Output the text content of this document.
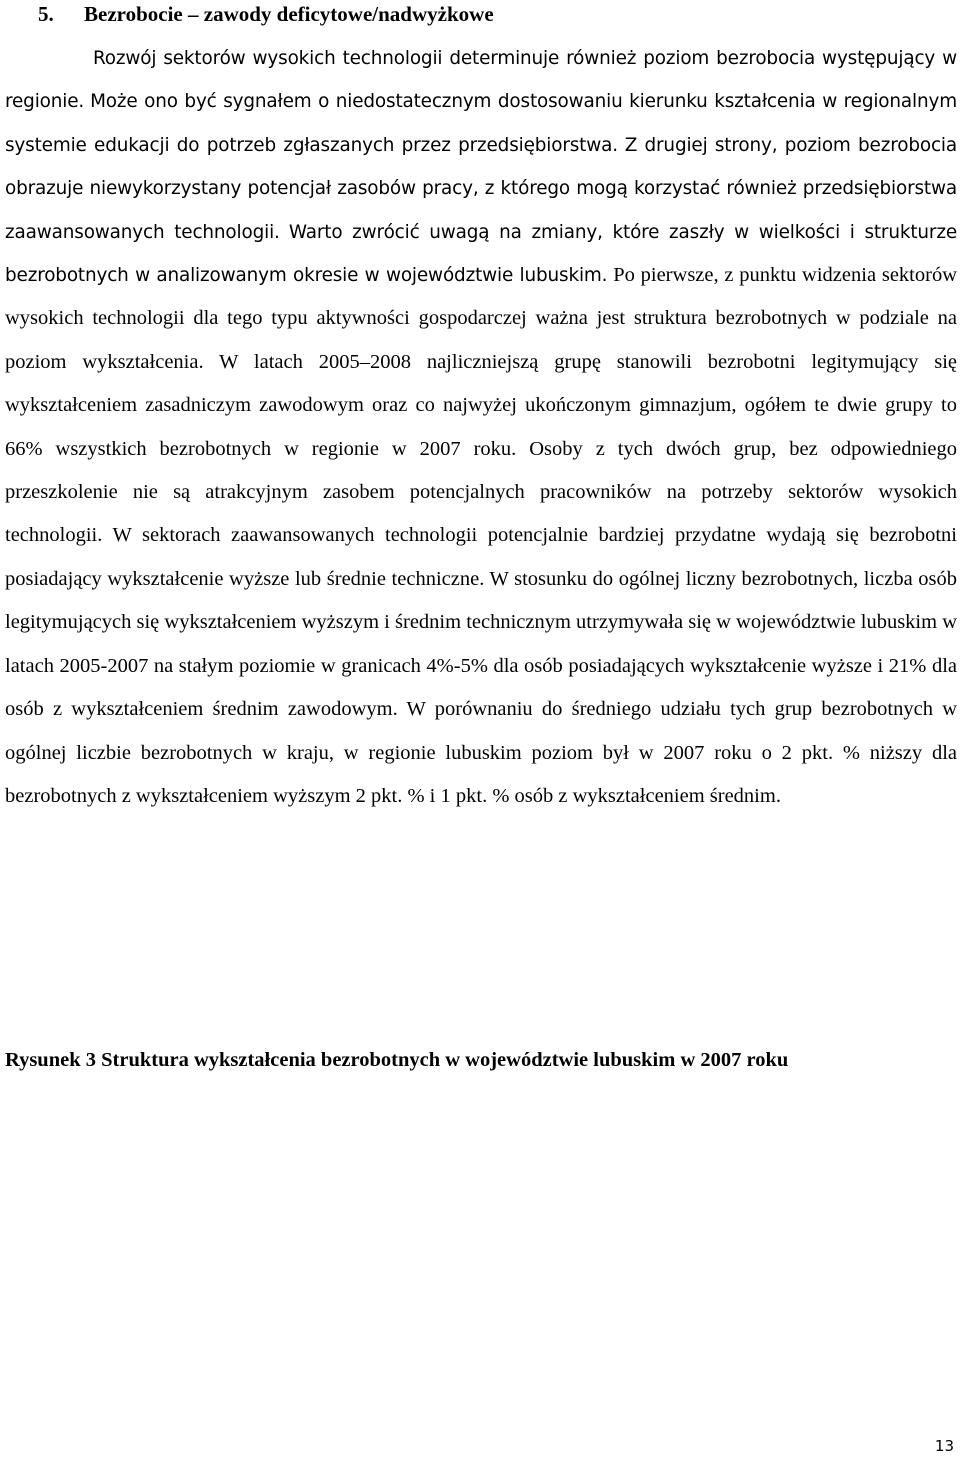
5. Bezrobocie – zawody deficytowe/nadwyżkowe

Rozwój sektorów wysokich technologii determinuje również poziom bezrobocia występujący w regionie. Może ono być sygnałem o niedostatecznym dostosowaniu kierunku kształcenia w regionalnym systemie edukacji do potrzeb zgłaszanych przez przedsiębiorstwa. Z drugiej strony, poziom bezrobocia obrazuje niewykorzystany potencjał zasobów pracy, z którego mogą korzystać również przedsiębiorstwa zaawansowanych technologii. Warto zwrócić uwagą na zmiany, które zaszły w wielkości i strukturze bezrobotnych w analizowanym okresie w województwie lubuskim. Po pierwsze, z punktu widzenia sektorów wysokich technologii dla tego typu aktywności gospodarczej ważna jest struktura bezrobotnych w podziale na poziom wykształcenia. W latach 2005–2008 najliczniejszą grupę stanowili bezrobotni legitymujący się wykształceniem zasadniczym zawodowym oraz co najwyżej ukończonym gimnazjum, ogółem te dwie grupy to 66% wszystkich bezrobotnych w regionie w 2007 roku. Osoby z tych dwóch grup, bez odpowiedniego przeszkolenie nie są atrakcyjnym zasobem potencjalnych pracowników na potrzeby sektorów wysokich technologii. W sektorach zaawansowanych technologii potencjalnie bardziej przydatne wydają się bezrobotni posiadający wykształcenie wyższe lub średnie techniczne. W stosunku do ogólnej liczny bezrobotnych, liczba osób legitymujących się wykształceniem wyższym i średnim technicznym utrzymywała się w województwie lubuskim w latach 2005-2007 na stałym poziomie w granicach 4%-5% dla osób posiadających wykształcenie wyższe i 21% dla osób z wykształceniem średnim zawodowym. W porównaniu do średniego udziału tych grup bezrobotnych w ogólnej liczbie bezrobotnych w kraju, w regionie lubuskim poziom był w 2007 roku o 2 pkt. % niższy dla bezrobotnych z wykształceniem wyższym 2 pkt. % i 1 pkt. % osób z wykształceniem średnim.

Rysunek 3 Struktura wykształcenia bezrobotnych w województwie lubuskim w 2007 roku

13
